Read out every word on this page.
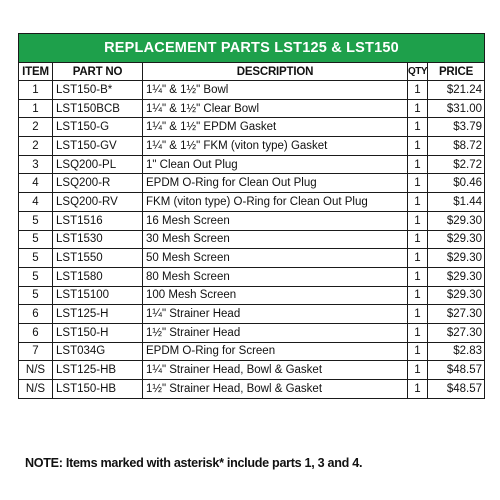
REPLACEMENT PARTS LST125 & LST150				
ITEM	PART NO	DESCRIPTION	QTY	PRICE
1	LST150-B*	1¼" & 1½" Bowl	1	$21.24
1	LST150BCB	1¼" & 1½" Clear Bowl	1	$31.00
2	LST150-G	1¼" & 1½" EPDM Gasket	1	$3.79
2	LST150-GV	1¼" & 1½" FKM (viton type) Gasket	1	$8.72
3	LSQ200-PL	1" Clean Out Plug	1	$2.72
4	LSQ200-R	EPDM O-Ring for Clean Out Plug	1	$0.46
4	LSQ200-RV	FKM (viton type) O-Ring for Clean Out Plug	1	$1.44
5	LST1516	16 Mesh Screen	1	$29.30
5	LST1530	30 Mesh Screen	1	$29.30
5	LST1550	50 Mesh Screen	1	$29.30
5	LST1580	80 Mesh Screen	1	$29.30
5	LST15100	100 Mesh Screen	1	$29.30
6	LST125-H	1¼" Strainer Head	1	$27.30
6	LST150-H	1½" Strainer Head	1	$27.30
7	LST034G	EPDM O-Ring for Screen	1	$2.83
N/S	LST125-HB	1¼" Strainer Head, Bowl & Gasket	1	$48.57
N/S	LST150-HB	1½" Strainer Head, Bowl & Gasket	1	$48.57
NOTE: Items marked with asterisk* include parts 1, 3 and 4.
